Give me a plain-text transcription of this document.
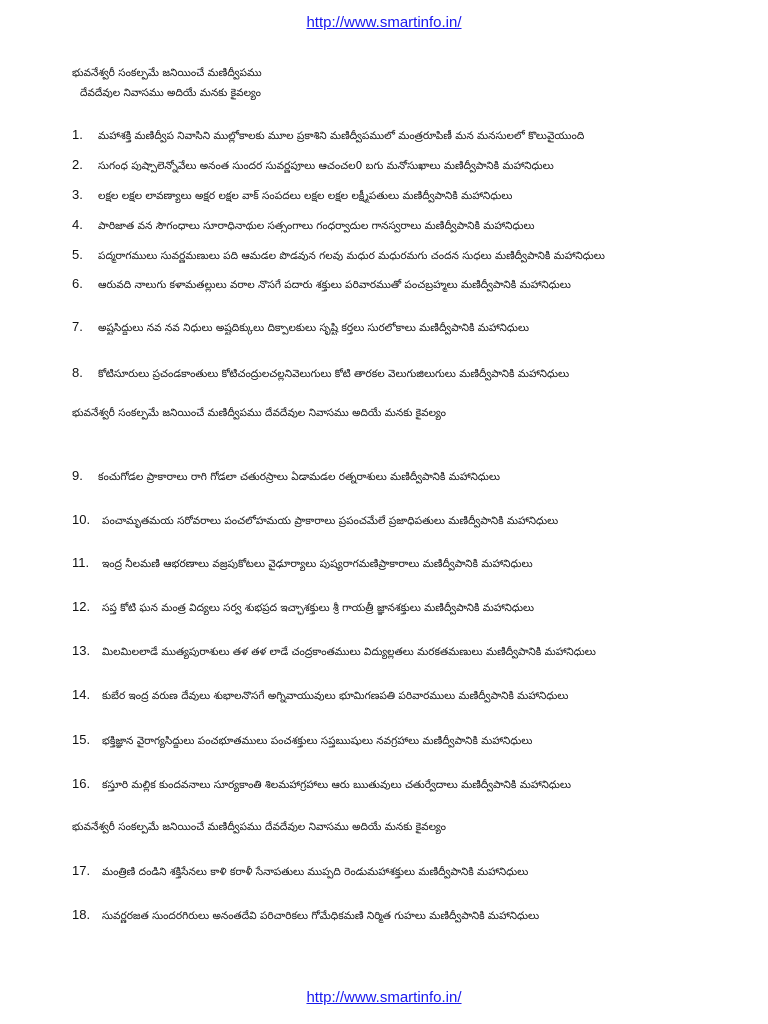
http://www.smartinfo.in/
భువనేశ్వరీ సంకల్పమే జనియించే మణిద్వీపము
దేవదేవుల నివాసము అదియే మనకు కైవల్యం
1. మహాశక్తి మణిద్వీప నివాసిని ముల్లోకాలకు మూల ప్రకాశిని మణిద్వీపములో మంత్రరూపిణీ మన మనసులలో కొలువైయుంది
2. సుగంధ పుష్పాలెన్నోవేలు అనంత సుందర సువర్ణపూలు ఆచంచల0 బగు మనోసుఖాలు మణిద్వీపానికి మహానిధులు
3. లక్షల లక్షల లావణ్యాలు అక్షర లక్షల వాక్ సంపదలు లక్షల లక్షల లక్ష్మీపతులు మణిద్వీపానికి మహానిధులు
4. పారిజాత వన సౌగంధాలు సూరాధినాథుల సత్సంగాలు గంధర్వాదుల గానస్వరాలు మణిద్వీపానికి మహానిధులు
5. పద్మరాగములు సువర్ణమణులు పది ఆమడల పొడవున గలవు మధుర మధురమగు చందన సుధలు మణిద్వీపానికి మహానిధులు
6. ఆరువది నాలుగు కళామతల్లులు వరాల నొసగే పదారు శక్తులు పరివారముతో పంచబ్రహ్మలు మణిద్వీపానికి మహానిధులు
7. అష్టసిద్ధులు నవ నవ నిధులు అష్టదిక్కులు దిక్పాలకులు సృష్టి కర్తలు సురలోకాలు మణిద్వీపానికి మహానిధులు
8. కోటిసూరులు ప్రచండకాంతులు కోటిచంద్రులచల్లనివెలుగులు కోటి తారకల వెలుగుజిలుగులు మణిద్వీపానికి మహానిధులు
భువనేశ్వరీ సంకల్పమే జనియించే మణిద్వీపము దేవదేవుల నివాసము అదియే మనకు కైవల్యం
9. కంచుగోడల ప్రాకారాలు రాగి గోడలా చతురస్రాలు ఏడామడల రత్నరాశులు మణిద్వీపానికి మహానిధులు
10. పంచామృతమయ సరోవరాలు పంచలోహమయ ప్రాకారాలు ప్రపంచమేలే ప్రజాధిపతులు మణిద్వీపానికి మహానిధులు
11. ఇంద్ర నీలమణి ఆభరణాలు వజ్రపుకోటలు వైఢూర్యాలు పుష్యరాగమణిప్రాకారాలు మణిద్వీపానికి మహానిధులు
12. సప్త కోటి ఘన మంత్ర విద్యలు సర్వ శుభప్రద ఇచ్ఛాశక్తులు శ్రీ గాయత్రీ జ్ఞానశక్తులు మణిద్వీపానికి మహానిధులు
13. మిలమిలలాడే ముత్యపురాశులు తళ తళ లాడే చంద్రకాంతములు విద్యుల్లతలు మరకతమణులు మణిద్వీపానికి మహానిధులు
14. కుబేర ఇంద్ర వరుణ దేవులు శుభాలనొసగే అగ్నివాయువులు భూమిగణపతి పరివారములు మణిద్వీపానికి మహానిధులు
15. భక్తిజ్ఞాన వైరాగ్యసిద్ధులు పంచభూతములు పంచశక్తులు సప్తఋషులు నవగ్రహాలు మణిద్వీపానికి మహానిధులు
16. కస్తూరి మల్లిక కుందవనాలు సూర్యకాంతి శిలమహాగ్రహాలు ఆరు ఋతువులు చతుర్వేదాలు మణిద్వీపానికి మహానిధులు
భువనేశ్వరీ సంకల్పమే జనియించే మణిద్వీపము దేవదేవుల నివాసము అదియే మనకు కైవల్యం
17. మంత్రిణి దండిని శక్తిసేనలు కాళి కరాళీ సేనాపతులు ముప్పది రెండుమహాశక్తులు మణిద్వీపానికి మహానిధులు
18. సువర్ణరజత సుందరగిరులు అనంతదేవి పరిచారికలు గోమేధికమణి నిర్మిత గుహలు మణిద్వీపానికి మహానిధులు
http://www.smartinfo.in/
